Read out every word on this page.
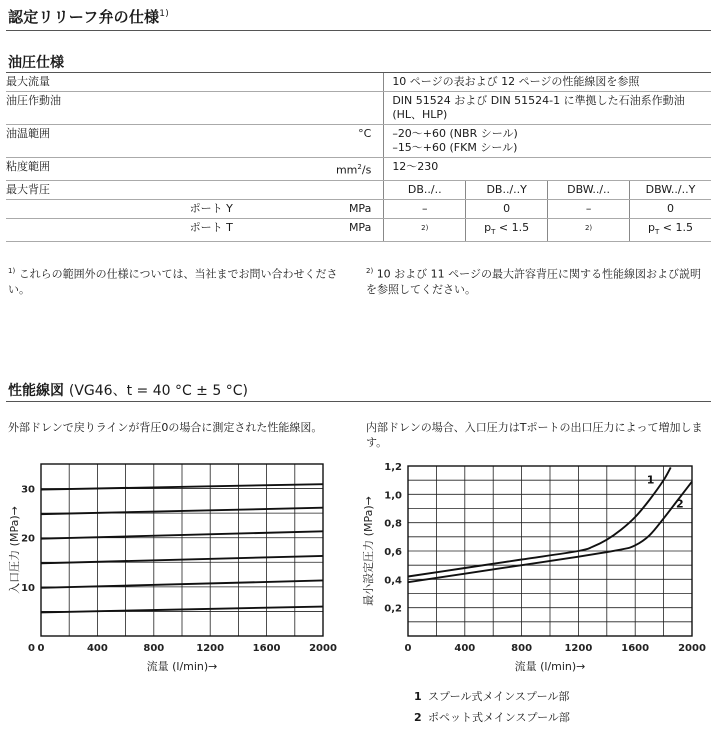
認定リリーフ弁の仕様$^{1)}$
油圧仕様
最大流量			10 ページの表および 12 ページの性能線図を参照			
油圧作動油			DIN 51524 および DIN 51524-1 に準拠した石油系作動油
(HL、HLP)			

油温範囲		°C	–20〜+60 (NBR シール)
–15〜+60 (FKM シール)			

粘度範囲		$mm^2/s$	12〜230			
最大背圧			DB../..	DB../..Y	DBW../..	DBW../..Y
	ポート Y	MPa	–	0	–	0
	ポート T	MPa	$^{2)}$	$p_T < 1.5$	$^{2)}$	$p_T < 1.5$
$^{1)}$ これらの範囲外の仕様については、当社までお問い合わせください。
$^{2)}$ 10 および 11 ページの最大許容背圧に関する性能線図および説明を参照してください。
性能線図 (VG46、t = 40 °C ± 5 °C)
外部ドレンで戻りラインが背圧0の場合に測定された性能線図。	内部ドレンの場合、入口圧力はTポートの出口圧力によって増加します。
0	400	800	1200	1600	2000
10
20
30
0
流量 (l/min)→
入口圧力 (MPa)→
0	400	800	1200	1600	2000
0,2
0,4
0,6
0,8
1,0
1,2
流量 (l/min)→
最小設定圧力 (MPa)→
1
2
1 スプール式メインスプール部
2 ポペット式メインスプール部
